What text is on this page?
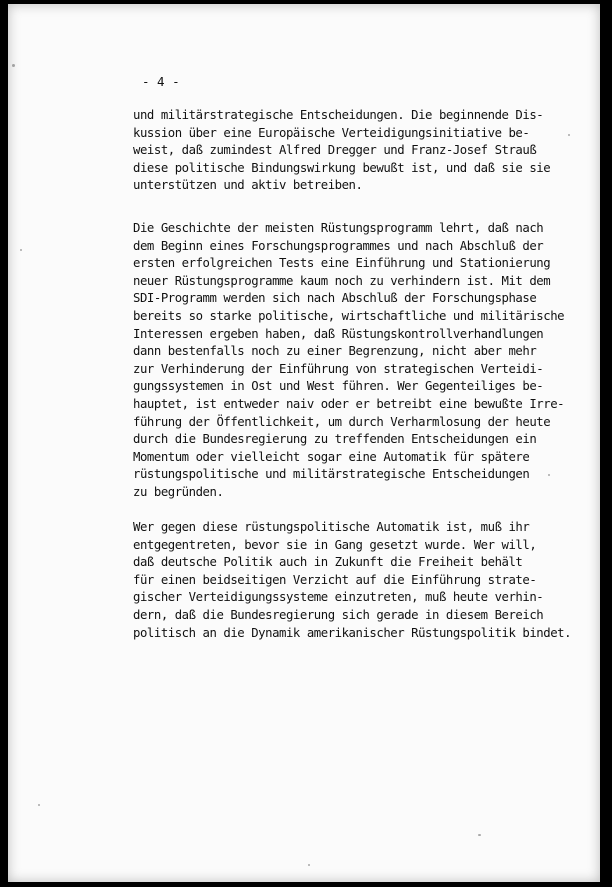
- 4 -

und militärstrategische Entscheidungen. Die beginnende Dis-
kussion über eine Europäische Verteidigungsinitiative be-
weist, daß zumindest Alfred Dregger und Franz-Josef Strauß
diese politische Bindungswirkung bewußt ist, und daß sie sie
unterstützen und aktiv betreiben.

Die Geschichte der meisten Rüstungsprogramm lehrt, daß nach
dem Beginn eines Forschungsprogrammes und nach Abschluß der
ersten erfolgreichen Tests eine Einführung und Stationierung
neuer Rüstungsprogramme kaum noch zu verhindern ist. Mit dem
SDI-Programm werden sich nach Abschluß der Forschungsphase
bereits so starke politische, wirtschaftliche und militärische
Interessen ergeben haben, daß Rüstungskontrollverhandlungen
dann bestenfalls noch zu einer Begrenzung, nicht aber mehr
zur Verhinderung der Einführung von strategischen Verteidi-
gungssystemen in Ost und West führen. Wer Gegenteiliges be-
hauptet, ist entweder naiv oder er betreibt eine bewußte Irre-
führung der Öffentlichkeit, um durch Verharmlosung der heute
durch die Bundesregierung zu treffenden Entscheidungen ein
Momentum oder vielleicht sogar eine Automatik für spätere
rüstungspolitische und militärstrategische Entscheidungen
zu begründen.

Wer gegen diese rüstungspolitische Automatik ist, muß ihr
entgegentreten, bevor sie in Gang gesetzt wurde. Wer will,
daß deutsche Politik auch in Zukunft die Freiheit behält
für einen beidseitigen Verzicht auf die Einführung strate-
gischer Verteidigungssysteme einzutreten, muß heute verhin-
dern, daß die Bundesregierung sich gerade in diesem Bereich
politisch an die Dynamik amerikanischer Rüstungspolitik bindet.
